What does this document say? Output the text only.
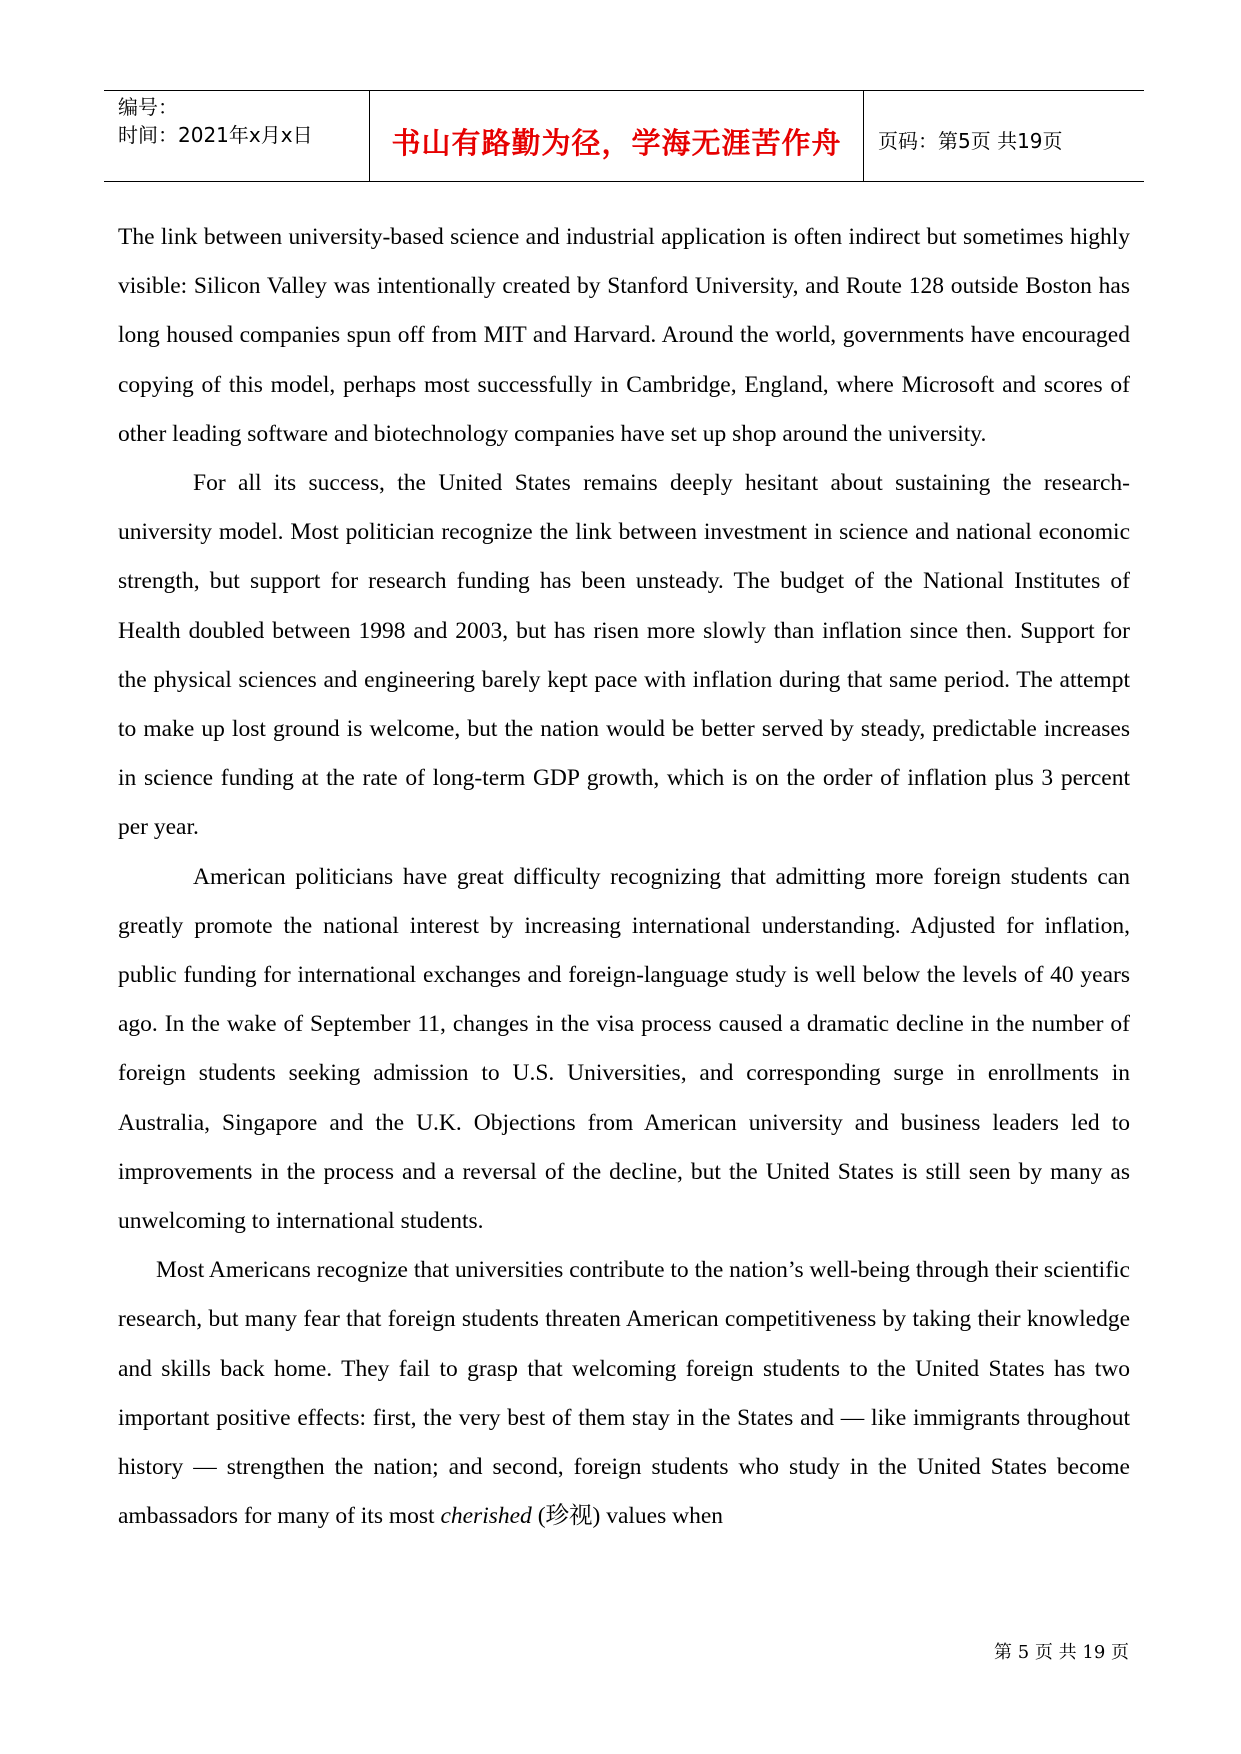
编号：
时间：2021年x月x日	书山有路勤为径，学海无涯苦作舟	页码：第5页 共19页

The link between university-based science and industrial application is often indirect but sometimes highly visible: Silicon Valley was intentionally created by Stanford University, and Route 128 outside Boston has long housed companies spun off from MIT and Harvard. Around the world, governments have encouraged copying of this model, perhaps most successfully in Cambridge, England, where Microsoft and scores of other leading software and biotechnology companies have set up shop around the university.

For all its success, the United States remains deeply hesitant about sustaining the research-university model. Most politician recognize the link between investment in science and national economic strength, but support for research funding has been unsteady. The budget of the National Institutes of Health doubled between 1998 and 2003, but has risen more slowly than inflation since then. Support for the physical sciences and engineering barely kept pace with inflation during that same period. The attempt to make up lost ground is welcome, but the nation would be better served by steady, predictable increases in science funding at the rate of long-term GDP growth, which is on the order of inflation plus 3 percent per year.

American politicians have great difficulty recognizing that admitting more foreign students can greatly promote the national interest by increasing international understanding. Adjusted for inflation, public funding for international exchanges and foreign-language study is well below the levels of 40 years ago. In the wake of September 11, changes in the visa process caused a dramatic decline in the number of foreign students seeking admission to U.S. Universities, and corresponding surge in enrollments in Australia, Singapore and the U.K. Objections from American university and business leaders led to improvements in the process and a reversal of the decline, but the United States is still seen by many as unwelcoming to international students.

Most Americans recognize that universities contribute to the nation’s well-being through their scientific research, but many fear that foreign students threaten American competitiveness by taking their knowledge and skills back home. They fail to grasp that welcoming foreign students to the United States has two important positive effects: first, the very best of them stay in the States and — like immigrants throughout history — strengthen the nation; and second, foreign students who study in the United States become ambassadors for many of its most cherished (珍视) values when

第 5 页 共 19 页
